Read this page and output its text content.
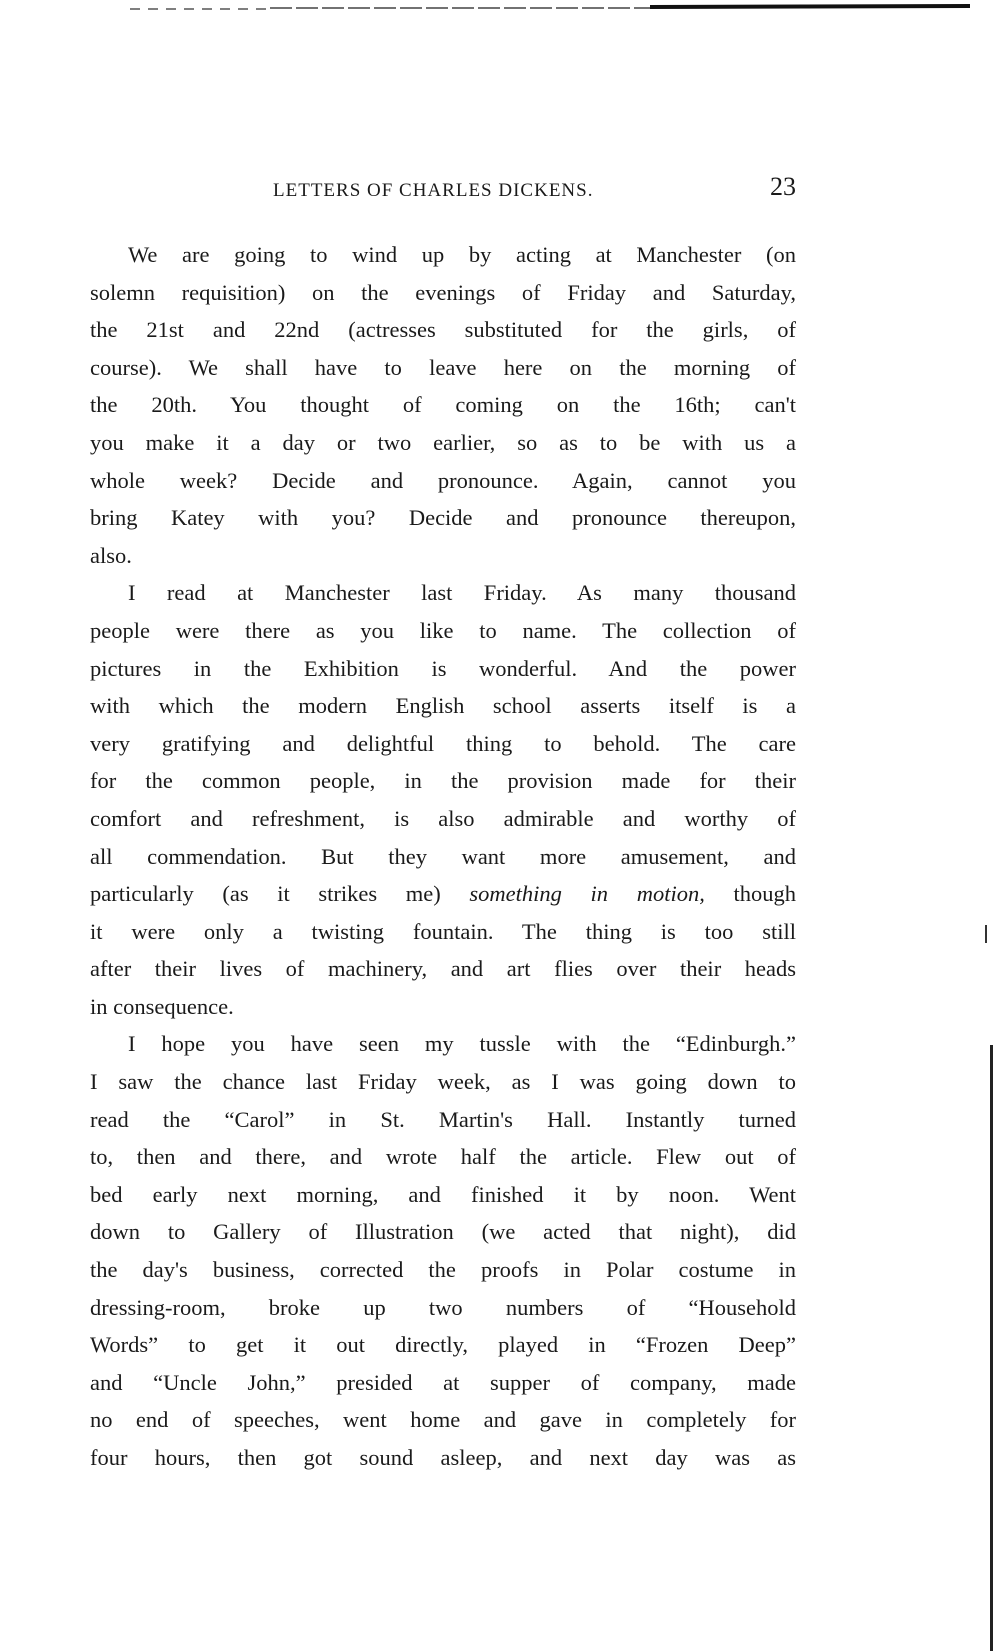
LETTERS OF CHARLES DICKENS.	23
We are going to wind up by acting at Manchester (on
solemn requisition) on the evenings of Friday and Saturday,
the 21st and 22nd (actresses substituted for the girls, of
course). We shall have to leave here on the morning of
the 20th. You thought of coming on the 16th; can't
you make it a day or two earlier, so as to be with us a
whole week? Decide and pronounce. Again, cannot you
bring Katey with you? Decide and pronounce thereupon,
also.
I read at Manchester last Friday. As many thousand
people were there as you like to name. The collection of
pictures in the Exhibition is wonderful. And the power
with which the modern English school asserts itself is a
very gratifying and delightful thing to behold. The care
for the common people, in the provision made for their
comfort and refreshment, is also admirable and worthy of
all commendation. But they want more amusement, and
particularly (as it strikes me) something in motion, though
it were only a twisting fountain. The thing is too still
after their lives of machinery, and art flies over their heads
in consequence.
I hope you have seen my tussle with the “Edinburgh.”
I saw the chance last Friday week, as I was going down to
read the “Carol” in St. Martin's Hall. Instantly turned
to, then and there, and wrote half the article. Flew out of
bed early next morning, and finished it by noon. Went
down to Gallery of Illustration (we acted that night), did
the day's business, corrected the proofs in Polar costume in
dressing-room, broke up two numbers of “Household
Words” to get it out directly, played in “Frozen Deep”
and “Uncle John,” presided at supper of company, made
no end of speeches, went home and gave in completely for
four hours, then got sound asleep, and next day was as
